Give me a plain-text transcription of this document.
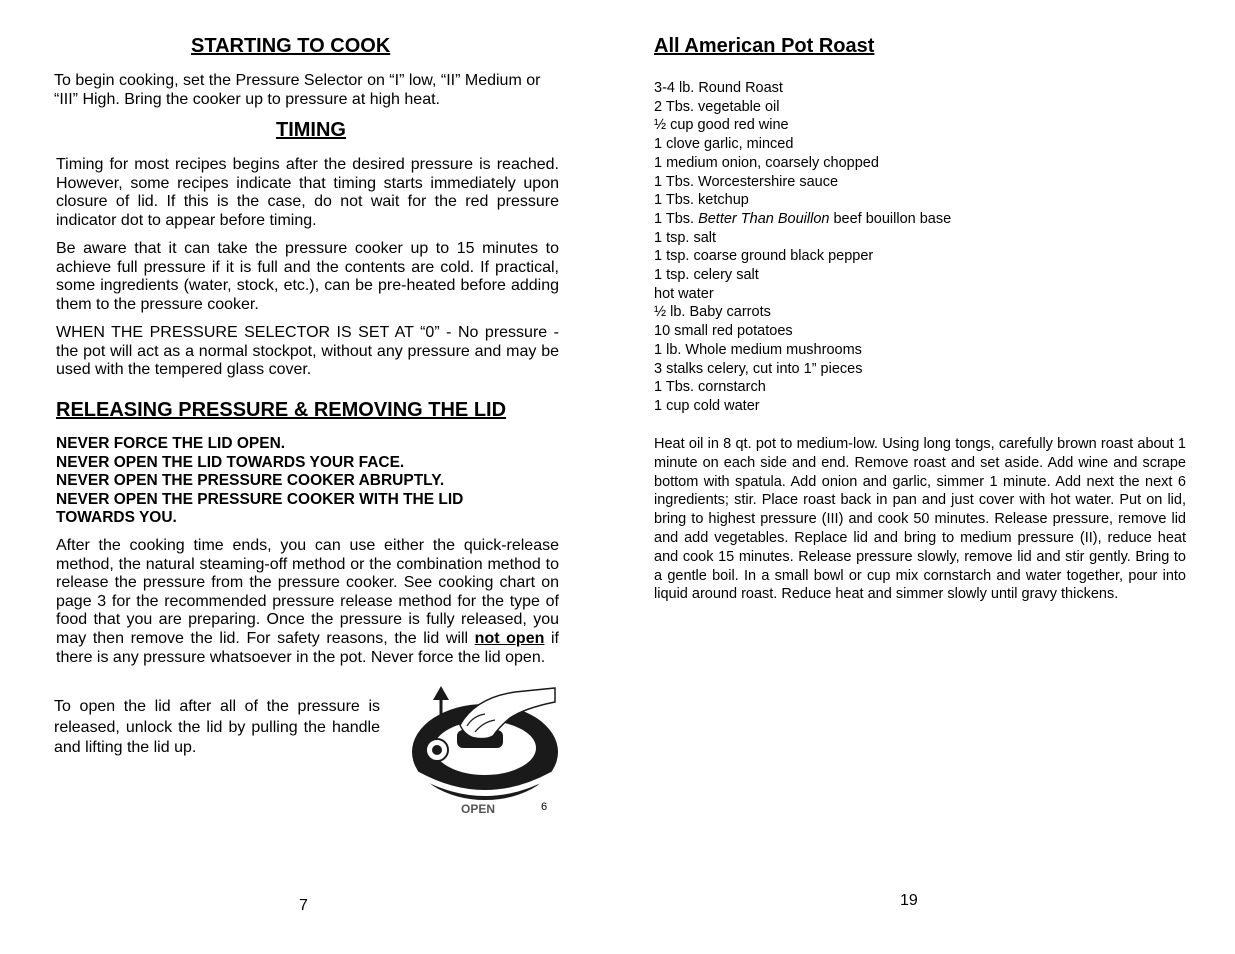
STARTING TO COOK

To begin cooking, set the Pressure Selector on “I” low, “II” Medium or “III” High. Bring the cooker up to pressure at high heat.

TIMING

Timing for most recipes begins after the desired pressure is reached. However, some recipes indicate that timing starts immediately upon closure of lid. If this is the case, do not wait for the red pressure indicator dot to appear before timing.

Be aware that it can take the pressure cooker up to 15 minutes to achieve full pressure if it is full and the contents are cold. If practical, some ingredients (water, stock, etc.), can be pre-heated before adding them to the pressure cooker.

WHEN THE PRESSURE SELECTOR IS SET AT “0” - No pressure - the pot will act as a normal stockpot, without any pressure and may be used with the tempered glass cover.

RELEASING PRESSURE & REMOVING THE LID
NEVER FORCE THE LID OPEN.
NEVER OPEN THE LID TOWARDS YOUR FACE.
NEVER OPEN THE PRESSURE COOKER ABRUPTLY.
NEVER OPEN THE PRESSURE COOKER WITH THE LID
TOWARDS YOU.

After the cooking time ends, you can use either the quick-release method, the natural steaming-off method or the combination method to release the pressure from the pressure cooker. See cooking chart on page 3 for the recommended pressure release method for the type of food that you are preparing. Once the pressure is fully released, you may then remove the lid. For safety reasons, the lid will not open if there is any pressure whatsoever in the pot. Never force the lid open.

To open the lid after all of the pressure is released, unlock the lid by pulling the handle and lifting the lid up.

OPEN	6
7
All American Pot Roast
3-4 lb. Round Roast
2 Tbs. vegetable oil
½ cup good red wine
1 clove garlic, minced
1 medium onion, coarsely chopped
1 Tbs. Worcestershire sauce
1 Tbs. ketchup
1 Tbs. Better Than Bouillon beef bouillon base
1 tsp. salt
1 tsp. coarse ground black pepper
1 tsp. celery salt
hot water
½ lb. Baby carrots
10 small red potatoes
1 lb. Whole medium mushrooms
3 stalks celery, cut into 1” pieces
1 Tbs. cornstarch
1 cup cold water

Heat oil in 8 qt. pot to medium-low. Using long tongs, carefully brown roast about 1 minute on each side and end. Remove roast and set aside. Add wine and scrape bottom with spatula. Add onion and garlic, simmer 1 minute. Add next the next 6 ingredients; stir. Place roast back in pan and just cover with hot water. Put on lid, bring to highest pressure (III) and cook 50 minutes. Release pressure, remove lid and add vegetables. Replace lid and bring to medium pressure (II), reduce heat and cook 15 minutes. Release pressure slowly, remove lid and stir gently. Bring to a gentle boil. In a small bowl or cup mix cornstarch and water together, pour into liquid around roast. Reduce heat and simmer slowly until gravy thickens.

19
